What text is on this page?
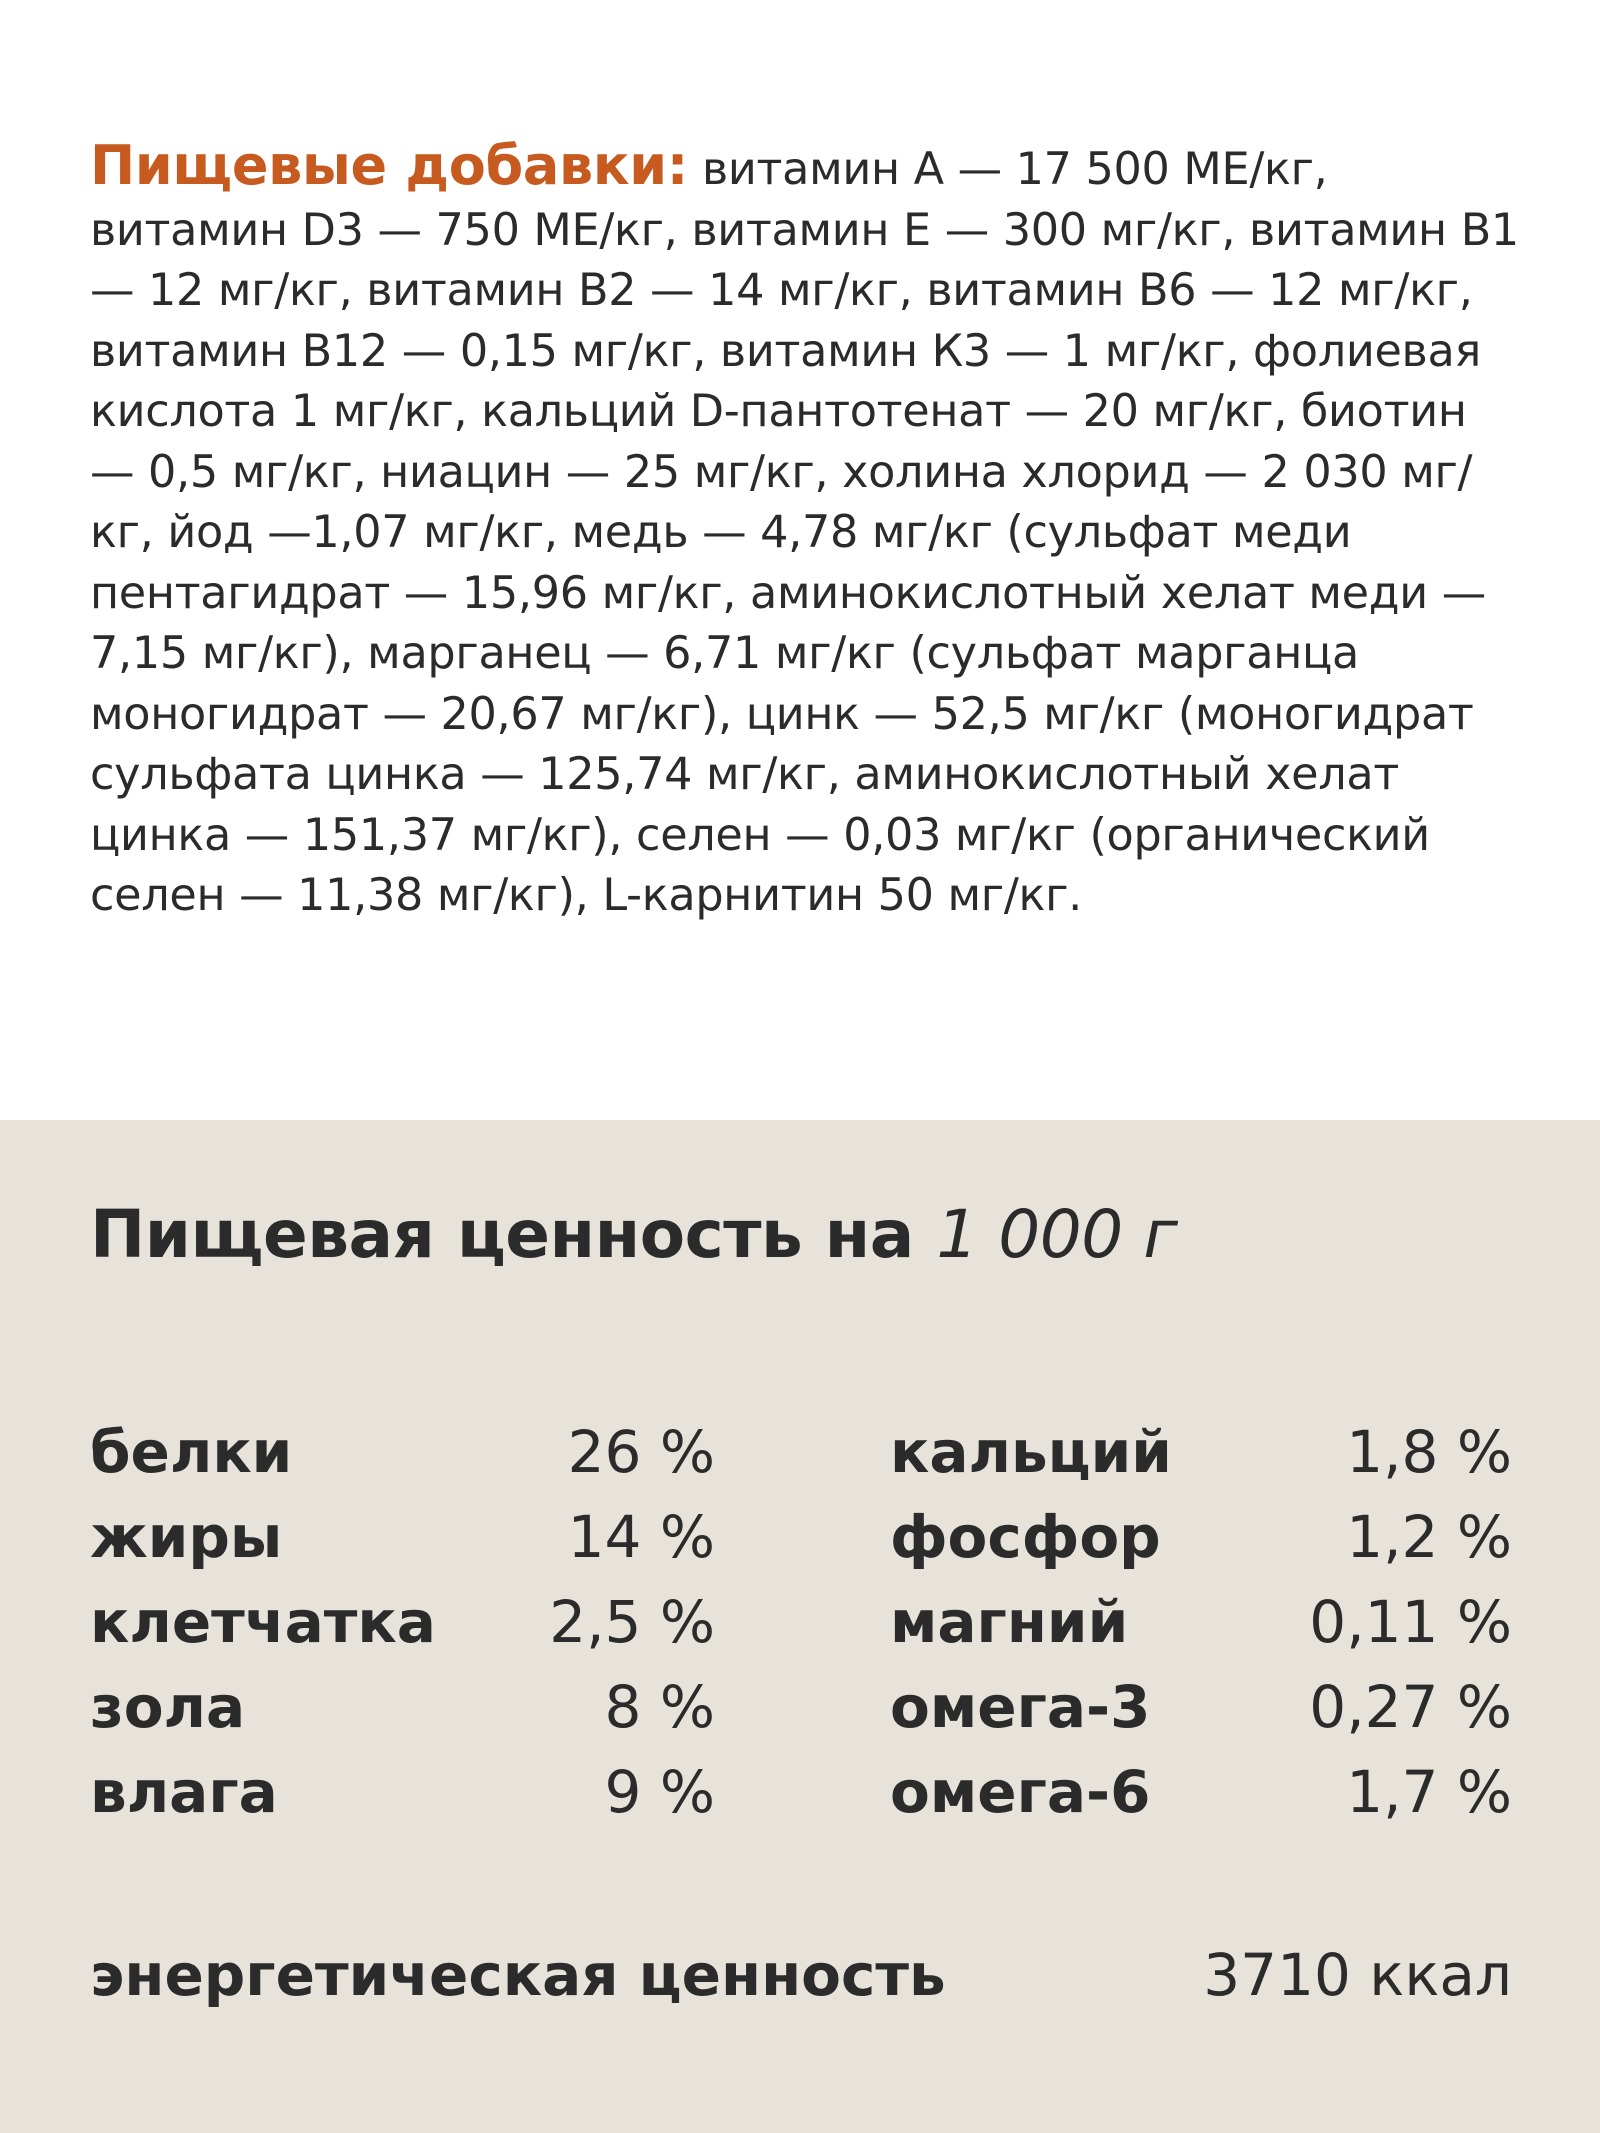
Пищевые добавки: витамин А — 17 500 МЕ/кг, витамин D3 — 750 МЕ/кг, витамин Е — 300 мг/кг, витамин В1 — 12 мг/кг, витамин В2 — 14 мг/кг, витамин В6 — 12 мг/кг, витамин В12 — 0,15 мг/кг, витамин К3 — 1 мг/кг, фолиевая кислота 1 мг/кг, кальций D-пантотенат — 20 мг/кг, биотин — 0,5 мг/кг, ниацин — 25 мг/кг, холина хлорид — 2 030 мг/кг, йод —1,07 мг/кг, медь — 4,78 мг/кг (сульфат меди пентагидрат — 15,96 мг/кг, аминокислотный хелат меди — 7,15 мг/кг), марганец — 6,71 мг/кг (сульфат марганца моногидрат — 20,67 мг/кг), цинк — 52,5 мг/кг (моногидрат сульфата цинка — 125,74 мг/кг, аминокислотный хелат цинка — 151,37 мг/кг), селен — 0,03 мг/кг (органический селен — 11,38 мг/кг), L-карнитин 50 мг/кг.
Пищевая ценность на 1 000 г
белки	26 %
жиры	14 %
клетчатка 2,5 %
зола	8 %
влага	9 %
кальций	1,8 %
фосфор	1,2 %
магний	0,11 %
омега-3	0,27 %
омега-6	1,7 %
энергетическая ценность	3710 ккал
